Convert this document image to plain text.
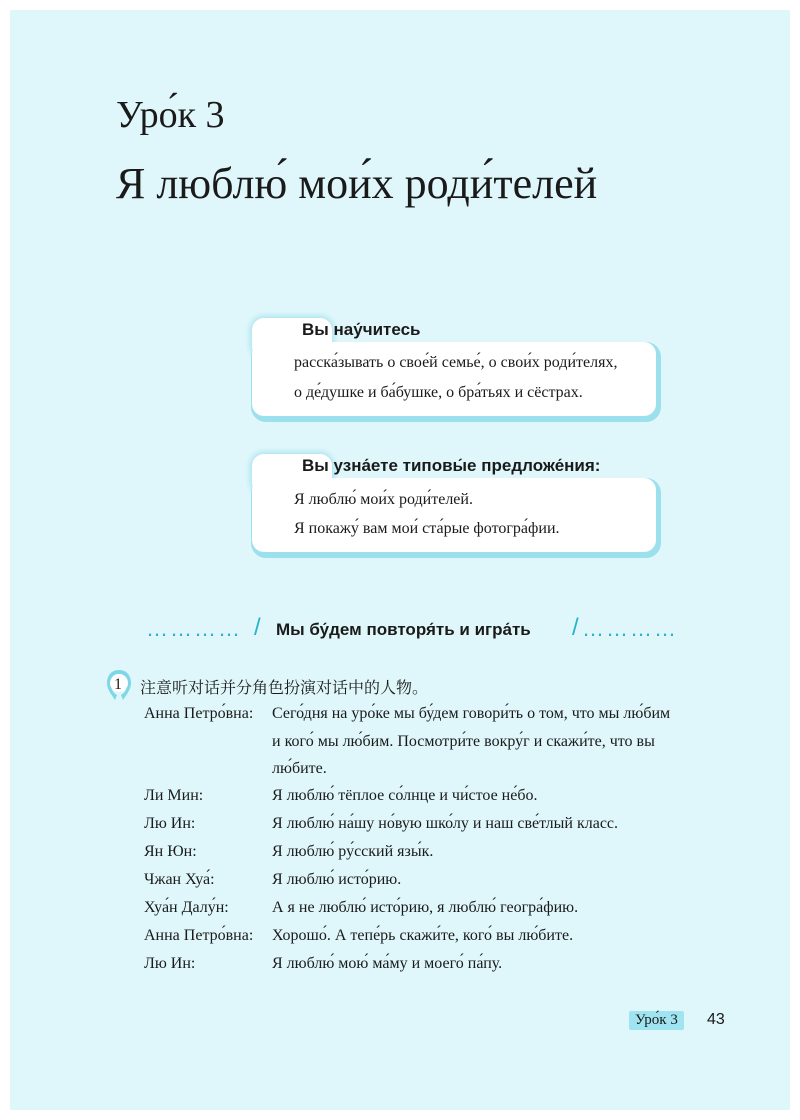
Уро́к 3
Я люблю́ мои́х роди́телей
Вы нау́читесь
расска́зывать о свое́й семье́, о свои́х роди́телях,
о де́душке и ба́бушке, о бра́тьях и сёстрах.
Вы узна́ете типовы́е предложе́ния:
Я люблю́ мои́х роди́телей.
Я покажу́ вам мои́ ста́рые фотогра́фии.
………… / Мы бу́дем повторя́ть и игра́ть / …………
1 注意听对话并分角色扮演对话中的人物。
Анна Петро́вна: Сего́дня на уро́ке мы бу́дем говори́ть о том, что мы лю́бим
и кого́ мы лю́бим. Посмотри́те вокру́г и скажи́те, что вы
лю́бите.
Ли Мин:	Я люблю́ тёплое со́лнце и чи́стое не́бо.
Лю Ин:	Я люблю́ на́шу но́вую шко́лу и наш све́тлый класс.
Ян Юн:	Я люблю́ ру́сский язы́к.
Чжан Хуа́:	Я люблю́ исто́рию.
Хуа́н Далу́н:	А я не люблю́ исто́рию, я люблю́ геогра́фию.
Анна Петро́вна: Хорошо́. А тепе́рь скажи́те, кого́ вы лю́бите.
Лю Ин:	Я люблю́ мою́ ма́му и моего́ па́пу.
Уро́к 3	43
